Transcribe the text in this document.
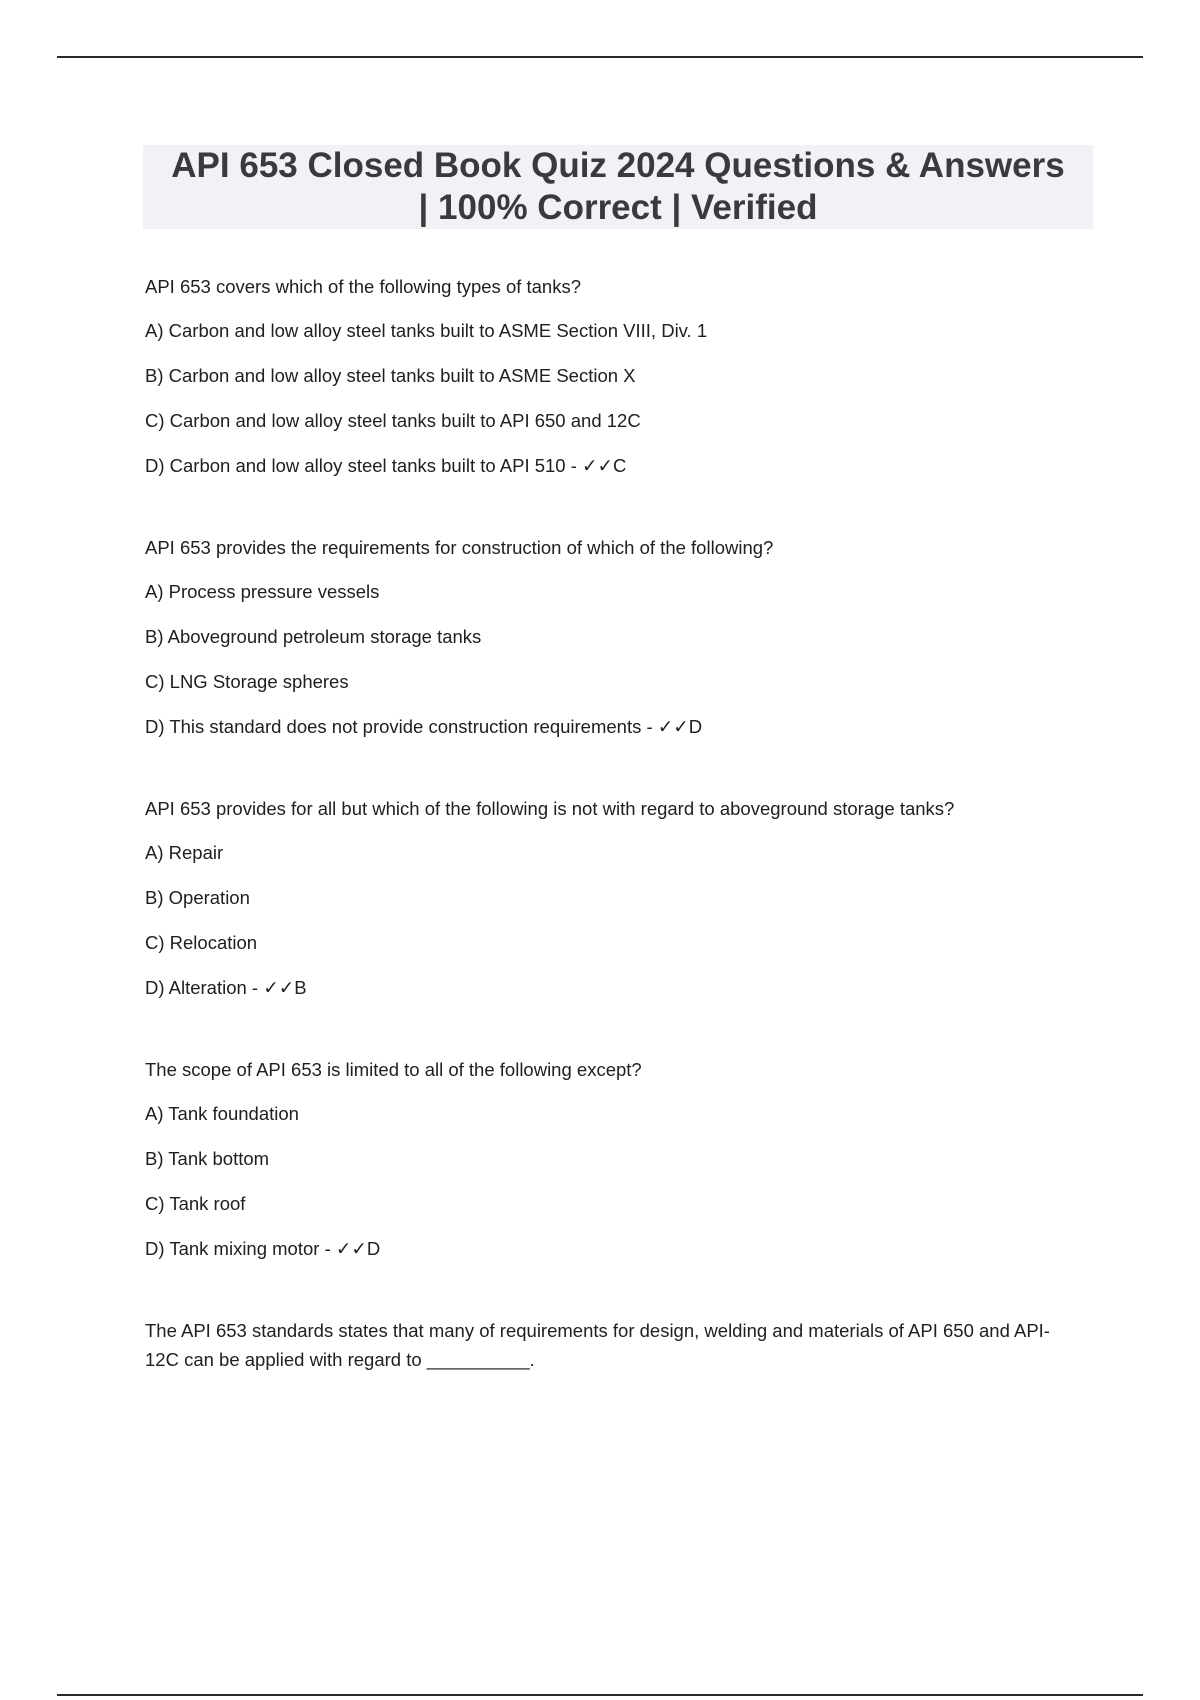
API 653 Closed Book Quiz 2024 Questions & Answers
| 100% Correct | Verified

API 653 covers which of the following types of tanks?

A) Carbon and low alloy steel tanks built to ASME Section VIII, Div. 1

B) Carbon and low alloy steel tanks built to ASME Section X

C) Carbon and low alloy steel tanks built to API 650 and 12C

D) Carbon and low alloy steel tanks built to API 510 - ✓✓C

API 653 provides the requirements for construction of which of the following?

A) Process pressure vessels

B) Aboveground petroleum storage tanks

C) LNG Storage spheres

D) This standard does not provide construction requirements - ✓✓D

API 653 provides for all but which of the following is not with regard to aboveground storage tanks?

A) Repair

B) Operation

C) Relocation

D) Alteration - ✓✓B

The scope of API 653 is limited to all of the following except?

A) Tank foundation

B) Tank bottom

C) Tank roof

D) Tank mixing motor - ✓✓D

The API 653 standards states that many of requirements for design, welding and materials of API 650 and API-12C can be applied with regard to __________.
